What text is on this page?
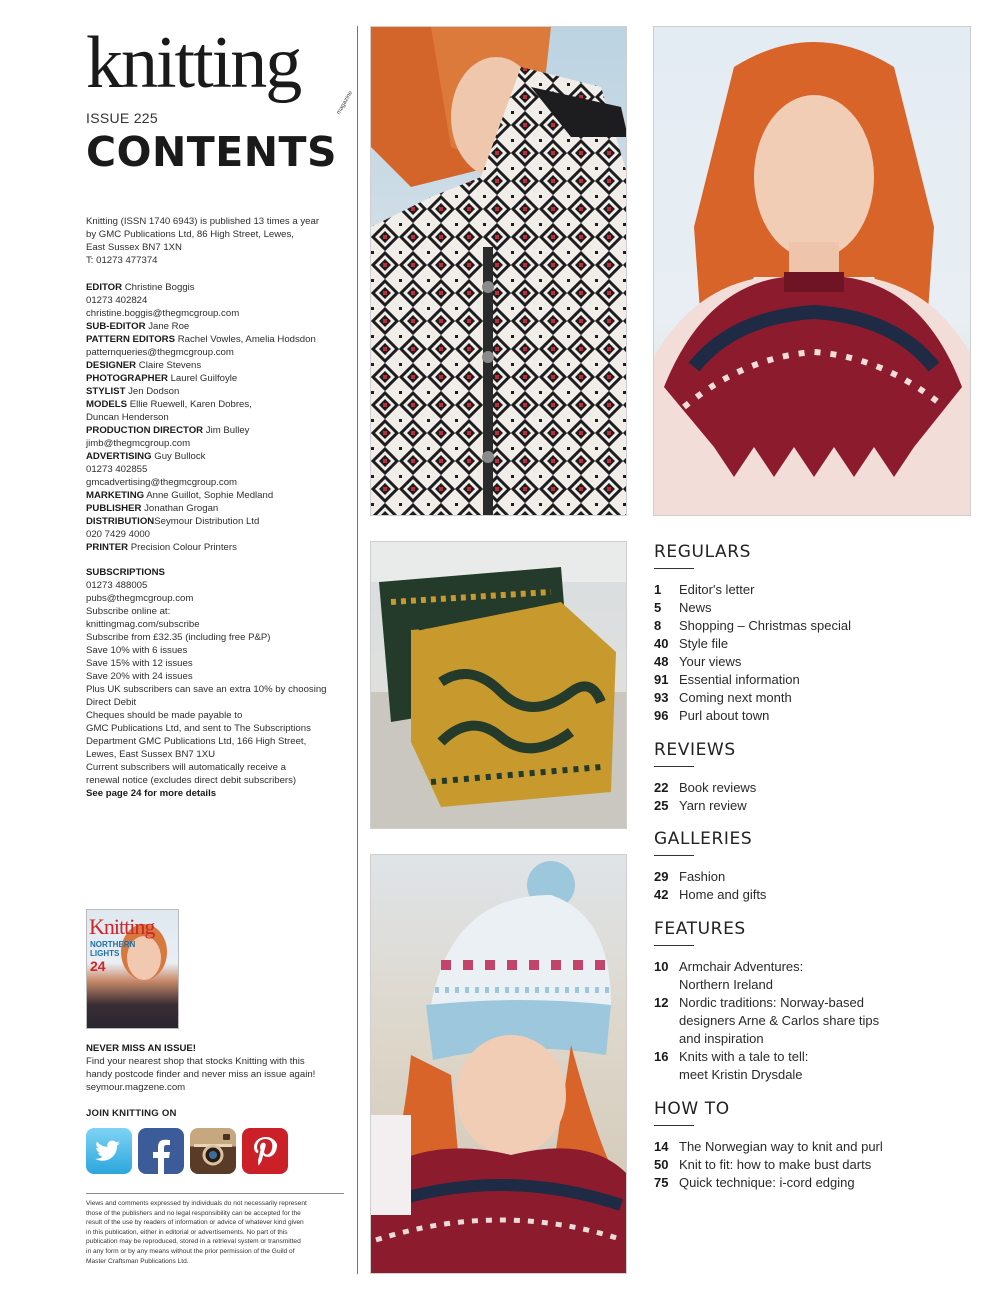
knitting	magazine
ISSUE 225
CONTENTS
Knitting (ISSN 1740 6943) is published 13 times a year
by GMC Publications Ltd, 86 High Street, Lewes,
East Sussex BN7 1XN
T: 01273 477374
EDITOR Christine Boggis
01273 402824
christine.boggis@thegmcgroup.com
SUB-EDITOR Jane Roe
PATTERN EDITORS Rachel Vowles, Amelia Hodsdon
patternqueries@thegmcgroup.com
DESIGNER Claire Stevens
PHOTOGRAPHER Laurel Guilfoyle
STYLIST Jen Dodson
MODELS Ellie Ruewell, Karen Dobres,
Duncan Henderson
PRODUCTION DIRECTOR Jim Bulley
jimb@thegmcgroup.com
ADVERTISING Guy Bullock
01273 402855
gmcadvertising@thegmcgroup.com
MARKETING Anne Guillot, Sophie Medland
PUBLISHER Jonathan Grogan
DISTRIBUTIONSeymour Distribution Ltd
020 7429 4000
PRINTER Precision Colour Printers
SUBSCRIPTIONS
01273 488005
pubs@thegmcgroup.com
Subscribe online at:
knittingmag.com/subscribe
Subscribe from £32.35 (including free P&P)
Save 10% with 6 issues
Save 15% with 12 issues
Save 20% with 24 issues
Plus UK subscribers can save an extra 10% by choosing
Direct Debit
Cheques should be made payable to
GMC Publications Ltd, and sent to The Subscriptions
Department GMC Publications Ltd, 166 High Street,
Lewes, East Sussex BN7 1XU
Current subscribers will automatically receive a
renewal notice (excludes direct debit subscribers)
See page 24 for more details
Knitting
NORTHERN
LIGHTS
24
NEVER MISS AN ISSUE!
Find your nearest shop that stocks Knitting with this
handy postcode finder and never miss an issue again!
seymour.magzene.com
JOIN KNITTING ON
Views and comments expressed by individuals do not necessarily represent
those of the publishers and no legal responsibility can be accepted for the
result of the use by readers of information or advice of whatever kind given
in this publication, either in editorial or advertisements. No part of this
publication may be reproduced, stored in a retrieval system or transmitted
in any form or by any means without the prior permission of the Guild of
Master Craftsman Publications Ltd.
REGULARS
1	Editor's letter
5	News
8	Shopping – Christmas special
40 Style file
48 Your views
91 Essential information
93 Coming next month
96 Purl about town
REVIEWS
22 Book reviews
25 Yarn review
GALLERIES
29 Fashion
42 Home and gifts
FEATURES
10 Armchair Adventures: Northern Ireland
12 Nordic traditions: Norway-based designers Arne & Carlos share tips and inspiration
16 Knits with a tale to tell: meet Kristin Drysdale
HOW TO
14 The Norwegian way to knit and purl
50 Knit to fit: how to make bust darts
75 Quick technique: i-cord edging
